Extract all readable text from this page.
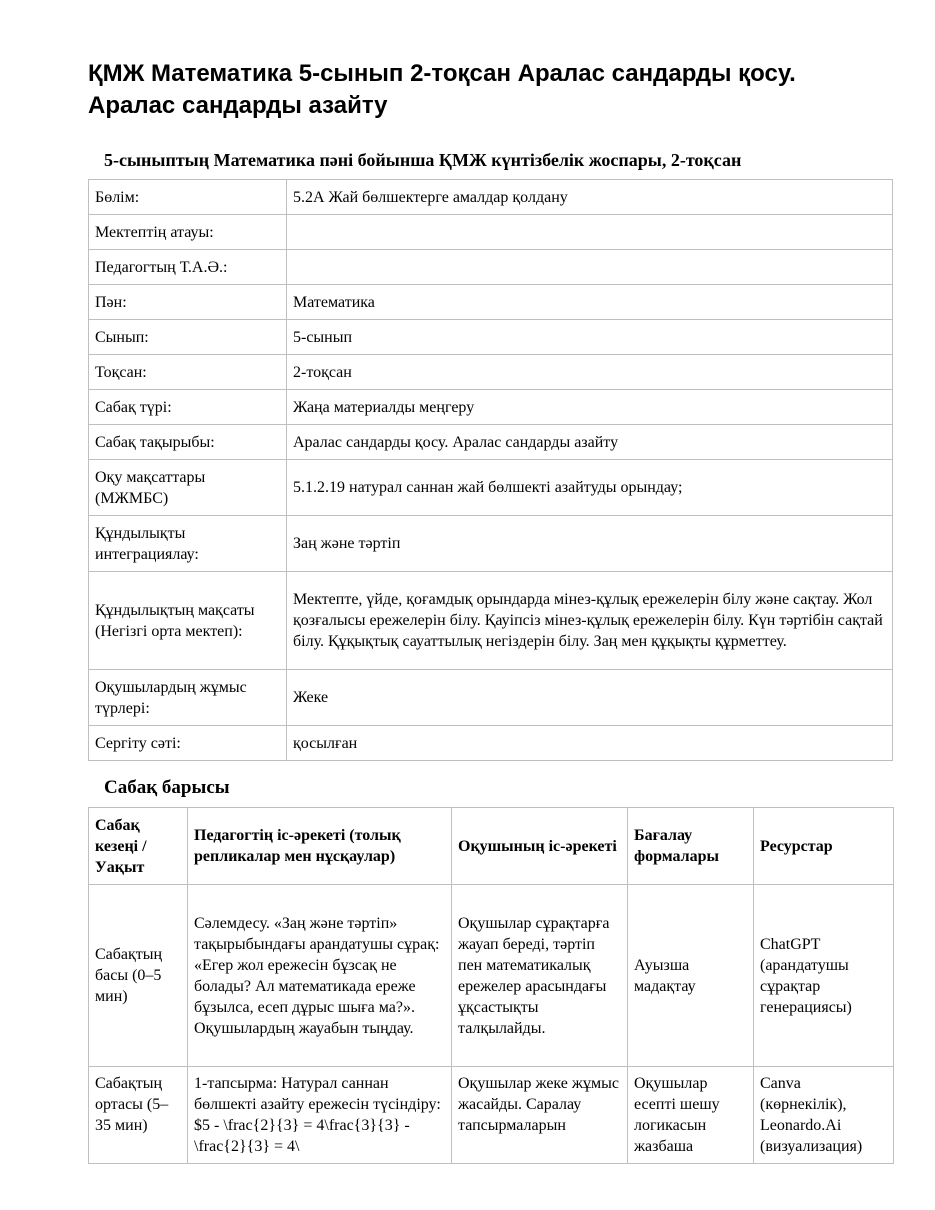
ҚМЖ Математика 5-сынып 2-тоқсан Аралас сандарды қосу. Аралас сандарды азайту
5-сыныптың Математика пәні бойынша ҚМЖ күнтізбелік жоспары, 2-тоқсан
Бөлім:	5.2А Жай бөлшектерге амалдар қолдану
Мектептің атауы:	
Педагогтың Т.А.Ә.:	
Пән:	Математика
Сынып:	5-сынып
Тоқсан:	2-тоқсан
Сабақ түрі:	Жаңа материалды меңгеру
Сабақ тақырыбы:	Аралас сандарды қосу. Аралас сандарды азайту
Оқу мақсаттары (МЖМБС)	5.1.2.19 натурал саннан жай бөлшекті азайтуды орындау;
Құндылықты интеграциялау:	Заң және тәртіп
Құндылықтың мақсаты (Негізгі орта мектеп):	Мектепте, үйде, қоғамдық орындарда мінез-құлық ережелерін білу және сақтау. Жол қозғалысы ережелерін білу. Қауіпсіз мінез-құлық ережелерін білу. Күн тәртібін сақтай білу. Құқықтық сауаттылық негіздерін білу. Заң мен құқықты құрметтеу.
Оқушылардың жұмыс түрлері:	Жеке
Сергіту сәті:	қосылған
Сабақ барысы
Сабақ кезеңі / Уақыт	Педагогтің іс-әрекеті (толық репликалар мен нұсқаулар)	Оқушының іс-әрекеті	Бағалау формалары	Ресурстар
Сабақтың басы (0–5 мин)	Сәлемдесу. «Заң және тәртіп» тақырыбындағы арандатушы сұрақ: «Егер жол ережесін бұзсақ не болады? Ал математикада ереже бұзылса, есеп дұрыс шыға ма?». Оқушылардың жауабын тыңдау.	Оқушылар сұрақтарға жауап береді, тәртіп пен математикалық ережелер арасындағы ұқсастықты талқылайды.	Ауызша мадақтау	ChatGPT (арандатушы сұрақтар генерациясы)

Сабақтың ортасы (5–35 мин)	1-тапсырма: Натурал саннан бөлшекті азайту ережесін түсіндіру: $5 - \frac{2}{3} = 4\frac{3}{3} - \frac{2}{3} = 4\	Оқушылар жеке жұмыс жасайды. Саралау тапсырмаларын	Оқушылар есепті шешу логикасын жазбаша	Canva (көрнекілік), Leonardo.Ai (визуализация)
